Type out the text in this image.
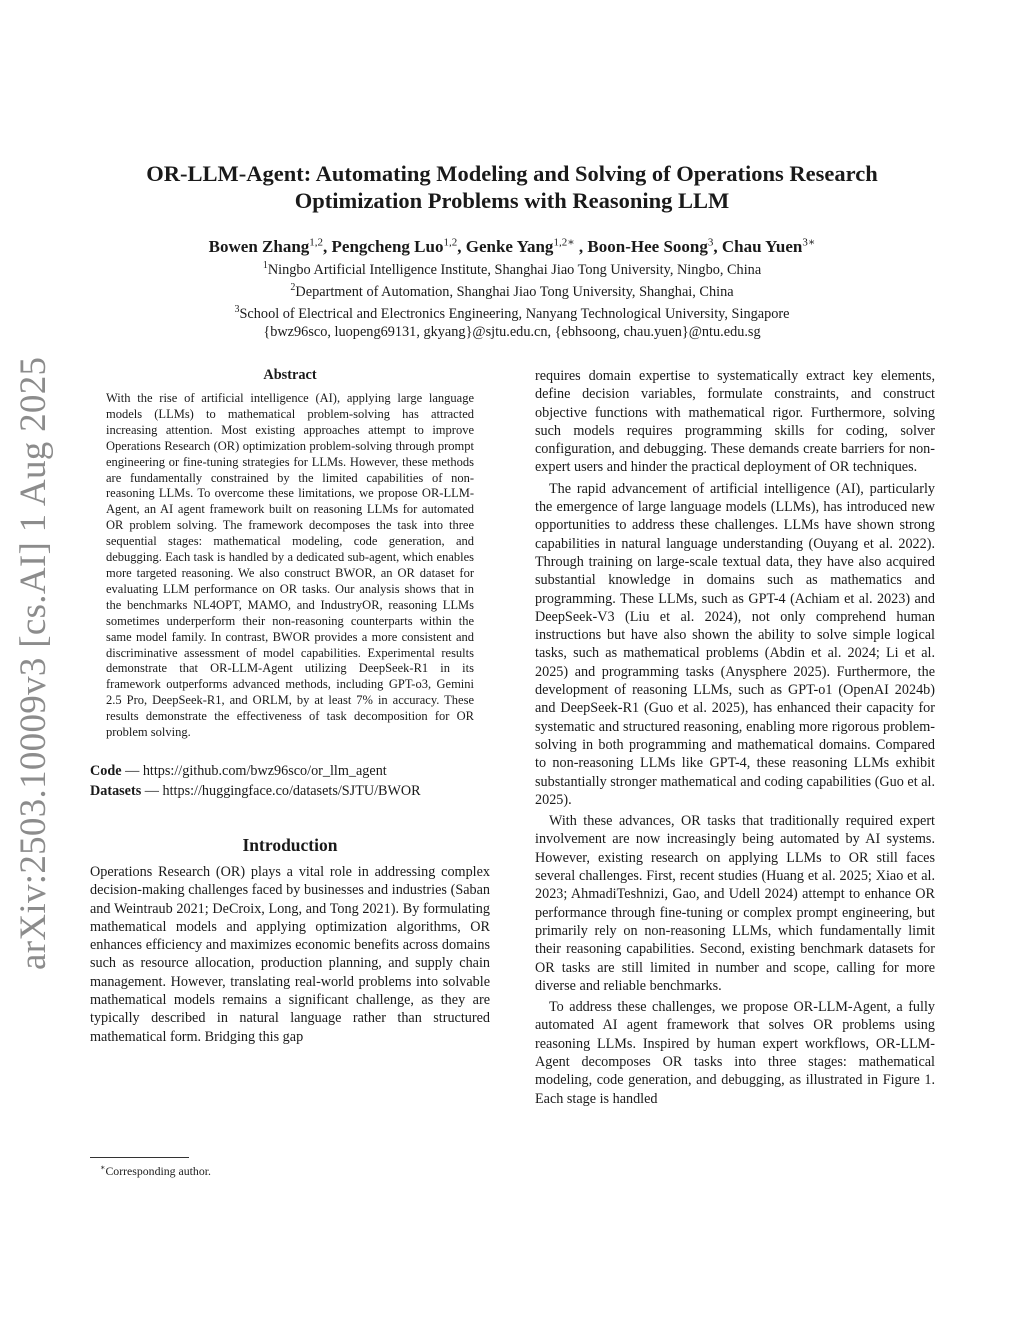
arXiv:2503.10009v3 [cs.AI] 1 Aug 2025
OR-LLM-Agent: Automating Modeling and Solving of Operations Research
Optimization Problems with Reasoning LLM
Bowen Zhang$^{1,2}$, Pengcheng Luo$^{1,2}$, Genke Yang$^{1,2∗}$ , Boon-Hee Soong$^3$, Chau Yuen$^{3∗}$
$^1$Ningbo Artificial Intelligence Institute, Shanghai Jiao Tong University, Ningbo, China
$^2$Department of Automation, Shanghai Jiao Tong University, Shanghai, China
$^3$School of Electrical and Electronics Engineering, Nanyang Technological University, Singapore
{bwz96sco, luopeng69131, gkyang}@sjtu.edu.cn, {ebhsoong, chau.yuen}@ntu.edu.sg
Abstract
With the rise of artificial intelligence (AI), applying large language models (LLMs) to mathematical problem-solving has attracted increasing attention. Most existing approaches attempt to improve Operations Research (OR) optimization problem-solving through prompt engineering or fine-tuning strategies for LLMs. However, these methods are fundamentally constrained by the limited capabilities of non-reasoning LLMs. To overcome these limitations, we propose OR-LLM-Agent, an AI agent framework built on reasoning LLMs for automated OR problem solving. The framework decomposes the task into three sequential stages: mathematical modeling, code generation, and debugging. Each task is handled by a dedicated sub-agent, which enables more targeted reasoning. We also construct BWOR, an OR dataset for evaluating LLM performance on OR tasks. Our analysis shows that in the benchmarks NL4OPT, MAMO, and IndustryOR, reasoning LLMs sometimes underperform their non-reasoning counterparts within the same model family. In contrast, BWOR provides a more consistent and discriminative assessment of model capabilities. Experimental results demonstrate that OR-LLM-Agent utilizing DeepSeek-R1 in its framework outperforms advanced methods, including GPT-o3, Gemini 2.5 Pro, DeepSeek-R1, and ORLM, by at least 7% in accuracy. These results demonstrate the effectiveness of task decomposition for OR problem solving.
Code — https://github.com/bwz96sco/or_llm_agent
Datasets — https://huggingface.co/datasets/SJTU/BWOR
Introduction
Operations Research (OR) plays a vital role in addressing complex decision-making challenges faced by businesses and industries (Saban and Weintraub 2021; DeCroix, Long, and Tong 2021). By formulating mathematical models and applying optimization algorithms, OR enhances efficiency and maximizes economic benefits across domains such as resource allocation, production planning, and supply chain management. However, translating real-world problems into solvable mathematical models remains a significant challenge, as they are typically described in natural language rather than structured mathematical form. Bridging this gap
requires domain expertise to systematically extract key elements, define decision variables, formulate constraints, and construct objective functions with mathematical rigor. Furthermore, solving such models requires programming skills for coding, solver configuration, and debugging. These demands create barriers for non-expert users and hinder the practical deployment of OR techniques.
The rapid advancement of artificial intelligence (AI), particularly the emergence of large language models (LLMs), has introduced new opportunities to address these challenges. LLMs have shown strong capabilities in natural language understanding (Ouyang et al. 2022). Through training on large-scale textual data, they have also acquired substantial knowledge in domains such as mathematics and programming. These LLMs, such as GPT-4 (Achiam et al. 2023) and DeepSeek-V3 (Liu et al. 2024), not only comprehend human instructions but have also shown the ability to solve simple logical tasks, such as mathematical problems (Abdin et al. 2024; Li et al. 2025) and programming tasks (Anysphere 2025). Furthermore, the development of reasoning LLMs, such as GPT-o1 (OpenAI 2024b) and DeepSeek-R1 (Guo et al. 2025), has enhanced their capacity for systematic and structured reasoning, enabling more rigorous problem-solving in both programming and mathematical domains. Compared to non-reasoning LLMs like GPT-4, these reasoning LLMs exhibit substantially stronger mathematical and coding capabilities (Guo et al. 2025).
With these advances, OR tasks that traditionally required expert involvement are now increasingly being automated by AI systems. However, existing research on applying LLMs to OR still faces several challenges. First, recent studies (Huang et al. 2025; Xiao et al. 2023; AhmadiTeshnizi, Gao, and Udell 2024) attempt to enhance OR performance through fine-tuning or complex prompt engineering, but primarily rely on non-reasoning LLMs, which fundamentally limit their reasoning capabilities. Second, existing benchmark datasets for OR tasks are still limited in number and scope, calling for more diverse and reliable benchmarks.
To address these challenges, we propose OR-LLM-Agent, a fully automated AI agent framework that solves OR problems using reasoning LLMs. Inspired by human expert workflows, OR-LLM-Agent decomposes OR tasks into three stages: mathematical modeling, code generation, and debugging, as illustrated in Figure 1. Each stage is handled
∗Corresponding author.
